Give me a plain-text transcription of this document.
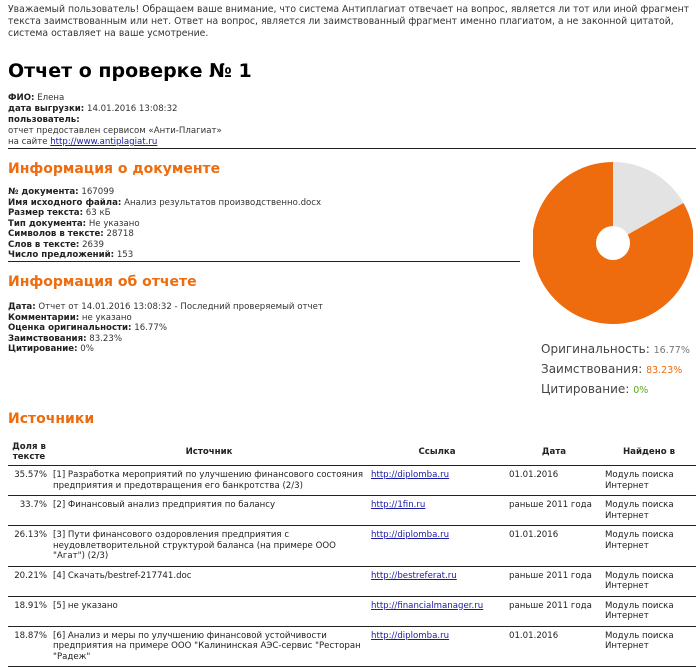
Уважаемый пользователь! Обращаем ваше внимание, что система Антиплагиат отвечает на вопрос, является ли тот или иной фрагмент текста заимствованным или нет. Ответ на вопрос, является ли заимствованный фрагмент именно плагиатом, а не законной цитатой, система оставляет на ваше усмотрение.
Отчет о проверке № 1
ФИО: Елена
дата выгрузки: 14.01.2016 13:08:32
пользователь:
отчет предоставлен сервисом «Анти-Плагиат»
на сайте http://www.antiplagiat.ru
Информация о документе
№ документа: 167099
Имя исходного файла: Анализ результатов производственно.docx
Размер текста: 63 кБ
Тип документа: Не указано
Символов в тексте: 28718
Слов в тексте: 2639
Число предложений: 153
Информация об отчете
Дата: Отчет от 14.01.2016 13:08:32 - Последний проверяемый отчет
Комментарии: не указано
Оценка оригинальности: 16.77%
Заимствования: 83.23%
Цитирование: 0%	Оригинальность: 16.77%
Заимствования: 83.23%
Цитирование: 0%
Источники
Доля в тексте	Источник	Ссылка	Дата	Найдено в
35.57%	[1] Разработка мероприятий по улучшению финансового состояния предприятия и предотвращения его банкротства (2/3)	http://diplomba.ru	01.01.2016	Модуль поиска Интернет
33.7%	[2] Финансовый анализ предприятия по балансу	http://1fin.ru	раньше 2011 года	Модуль поиска Интернет
26.13%	[3] Пути финансового оздоровления предприятия с неудовлетворительной структурой баланса (на примере ООО "Агат") (2/3)	http://diplomba.ru	01.01.2016	Модуль поиска Интернет
20.21%	[4] Скачать/bestref-217741.doc	http://bestreferat.ru	раньше 2011 года	Модуль поиска Интернет
18.91%	[5] не указано	http://financialmanager.ru	раньше 2011 года	Модуль поиска Интернет
18.87%	[6] Анализ и меры по улучшению финансовой устойчивости предприятия на примере ООО "Калининская АЭС-сервис "Ресторан "Радеж"	http://diplomba.ru	01.01.2016	Модуль поиска Интернет
